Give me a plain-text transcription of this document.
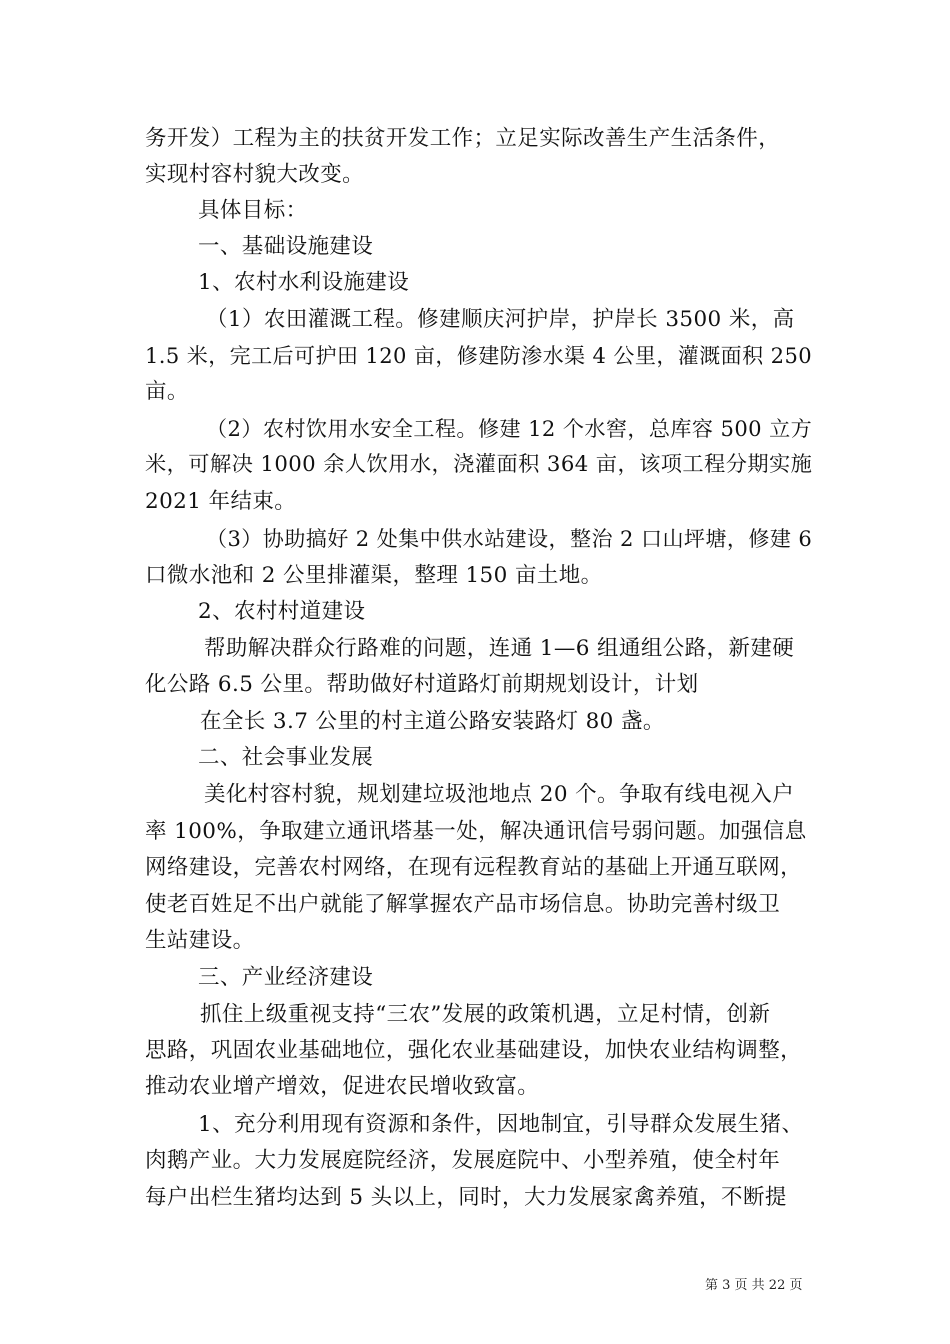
务开发）工程为主的扶贫开发工作；立足实际改善生产生活条件，
实现村容村貌大改变。
具体目标：
一、基础设施建设
1、农村水利设施建设
（1）农田灌溉工程。修建顺庆河护岸，护岸长 3500 米，高
1.5 米，完工后可护田 120 亩，修建防渗水渠 4 公里，灌溉面积 250
亩。
（2）农村饮用水安全工程。修建 12 个水窖，总库容 500 立方
米，可解决 1000 余人饮用水，浇灌面积 364 亩，该项工程分期实施
2021 年结束。
（3）协助搞好 2 处集中供水站建设，整治 2 口山坪塘，修建 6
口微水池和 2 公里排灌渠，整理 150 亩土地。
2、农村村道建设
帮助解决群众行路难的问题，连通 1—6 组通组公路，新建硬
化公路 6.5 公里。帮助做好村道路灯前期规划设计，计划
在全长 3.7 公里的村主道公路安装路灯 80 盏。
二、社会事业发展
美化村容村貌，规划建垃圾池地点 20 个。争取有线电视入户
率 100%，争取建立通讯塔基一处，解决通讯信号弱问题。加强信息
网络建设，完善农村网络，在现有远程教育站的基础上开通互联网，
使老百姓足不出户就能了解掌握农产品市场信息。协助完善村级卫
生站建设。
三、产业经济建设
抓住上级重视支持“三农”发展的政策机遇，立足村情，创新
思路，巩固农业基础地位，强化农业基础建设，加快农业结构调整，
推动农业增产增效，促进农民增收致富。
1、充分利用现有资源和条件，因地制宜，引导群众发展生猪、
肉鹅产业。大力发展庭院经济，发展庭院中、小型养殖，使全村年
每户出栏生猪均达到 5 头以上，同时，大力发展家禽养殖，不断提
第 3 页 共 22 页
